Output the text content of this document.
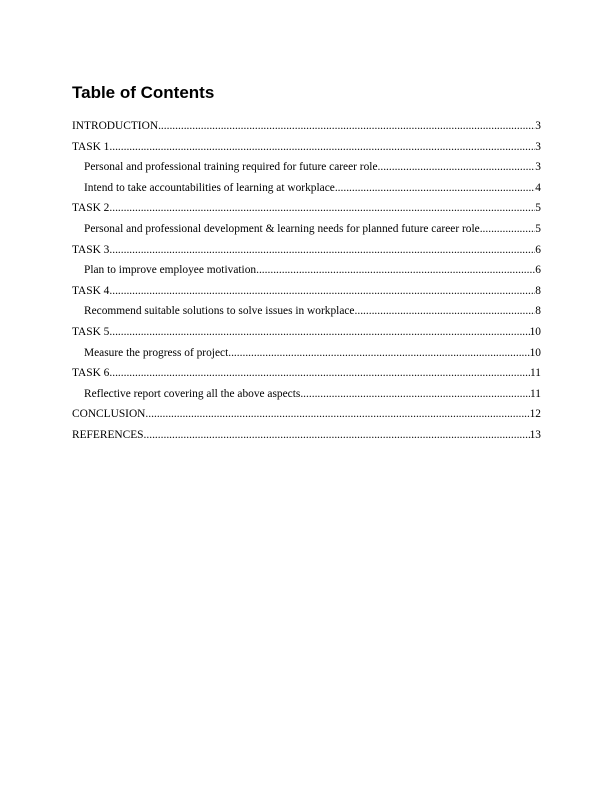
Table of Contents
INTRODUCTION .....	3
TASK 1 .....	3
Personal and professional training required for future career role .....	3
Intend to take accountabilities of learning at workplace .....	4
TASK 2 .....	5
Personal and professional development & learning needs for planned future career role .....	5
TASK 3 .....	6
Plan to improve employee motivation .....	6
TASK 4 .....	8
Recommend suitable solutions to solve issues in workplace .....	8
TASK 5 .....	10
Measure the progress of project .....	10
TASK 6 .....	11
Reflective report covering all the above aspects .....	11
CONCLUSION .....	12
REFERENCES .....	13
